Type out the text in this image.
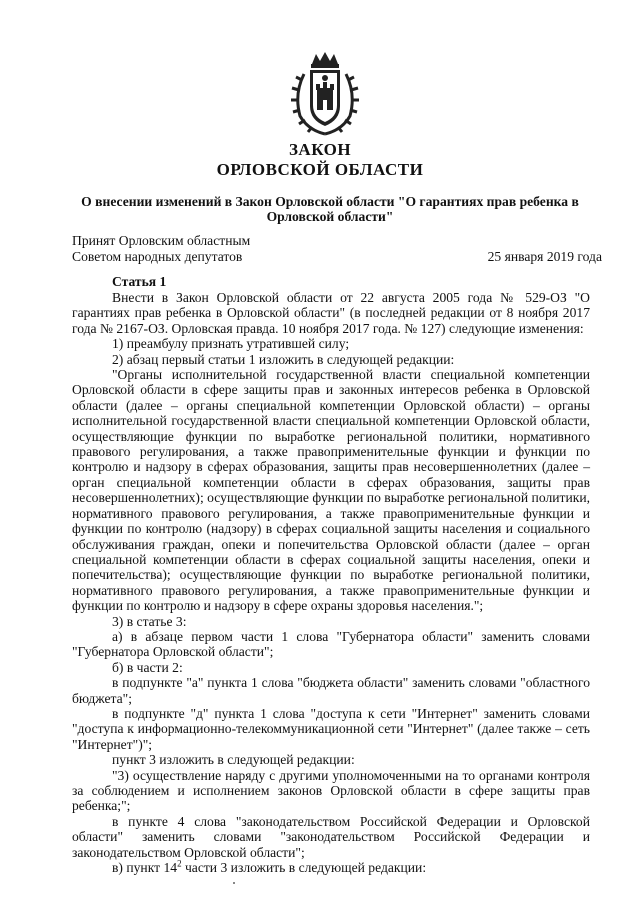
ЗАКОН
ОРЛОВСКОЙ ОБЛАСТИ
О внесении изменений в Закон Орловской области "О гарантиях прав ребенка в Орловской области"
Принят Орловским областным
Советом народных депутатов	25 января 2019 года
Статья 1

Внести в Закон Орловской области от 22 августа 2005 года № 529-ОЗ "О гарантиях прав ребенка в Орловской области" (в последней редакции от 8 ноября 2017 года № 2167-ОЗ. Орловская правда. 10 ноября 2017 года. № 127) следующие изменения:

1) преамбулу признать утратившей силу;

2) абзац первый статьи 1 изложить в следующей редакции:

"Органы исполнительной государственной власти специальной компетенции Орловской области в сфере защиты прав и законных интересов ребенка в Орловской области (далее – органы специальной компетенции Орловской области) – органы исполнительной государственной власти специальной компетенции Орловской области, осуществляющие функции по выработке региональной политики, нормативного правового регулирования, а также правоприменительные функции и функции по контролю и надзору в сферах образования, защиты прав несовершеннолетних (далее – орган специальной компетенции области в сферах образования, защиты прав несовершеннолетних); осуществляющие функции по выработке региональной политики, нормативного правового регулирования, а также правоприменительные функции и функции по контролю (надзору) в сферах социальной защиты населения и социального обслуживания граждан, опеки и попечительства Орловской области (далее – орган специальной компетенции области в сферах социальной защиты населения, опеки и попечительства); осуществляющие функции по выработке региональной политики, нормативного правового регулирования, а также правоприменительные функции и функции по контролю и надзору в сфере охраны здоровья населения.";

3) в статье 3:

а) в абзаце первом части 1 слова "Губернатора области" заменить словами "Губернатора Орловской области";

б) в части 2:

в подпункте "а" пункта 1 слова "бюджета области" заменить словами "областного бюджета";

в подпункте "д" пункта 1 слова "доступа к сети "Интернет" заменить словами "доступа к информационно-телекоммуникационной сети "Интернет" (далее также – сеть "Интернет")";

пункт 3 изложить в следующей редакции:

"3) осуществление наряду с другими уполномоченными на то органами контроля за соблюдением и исполнением законов Орловской области в сфере защиты прав ребенка;";

в пункте 4 слова "законодательством Российской Федерации и Орловской области" заменить словами "законодательством Российской Федерации и законодательством Орловской области";

в) пункт $14^2$ части 3 изложить в следующей редакции:
